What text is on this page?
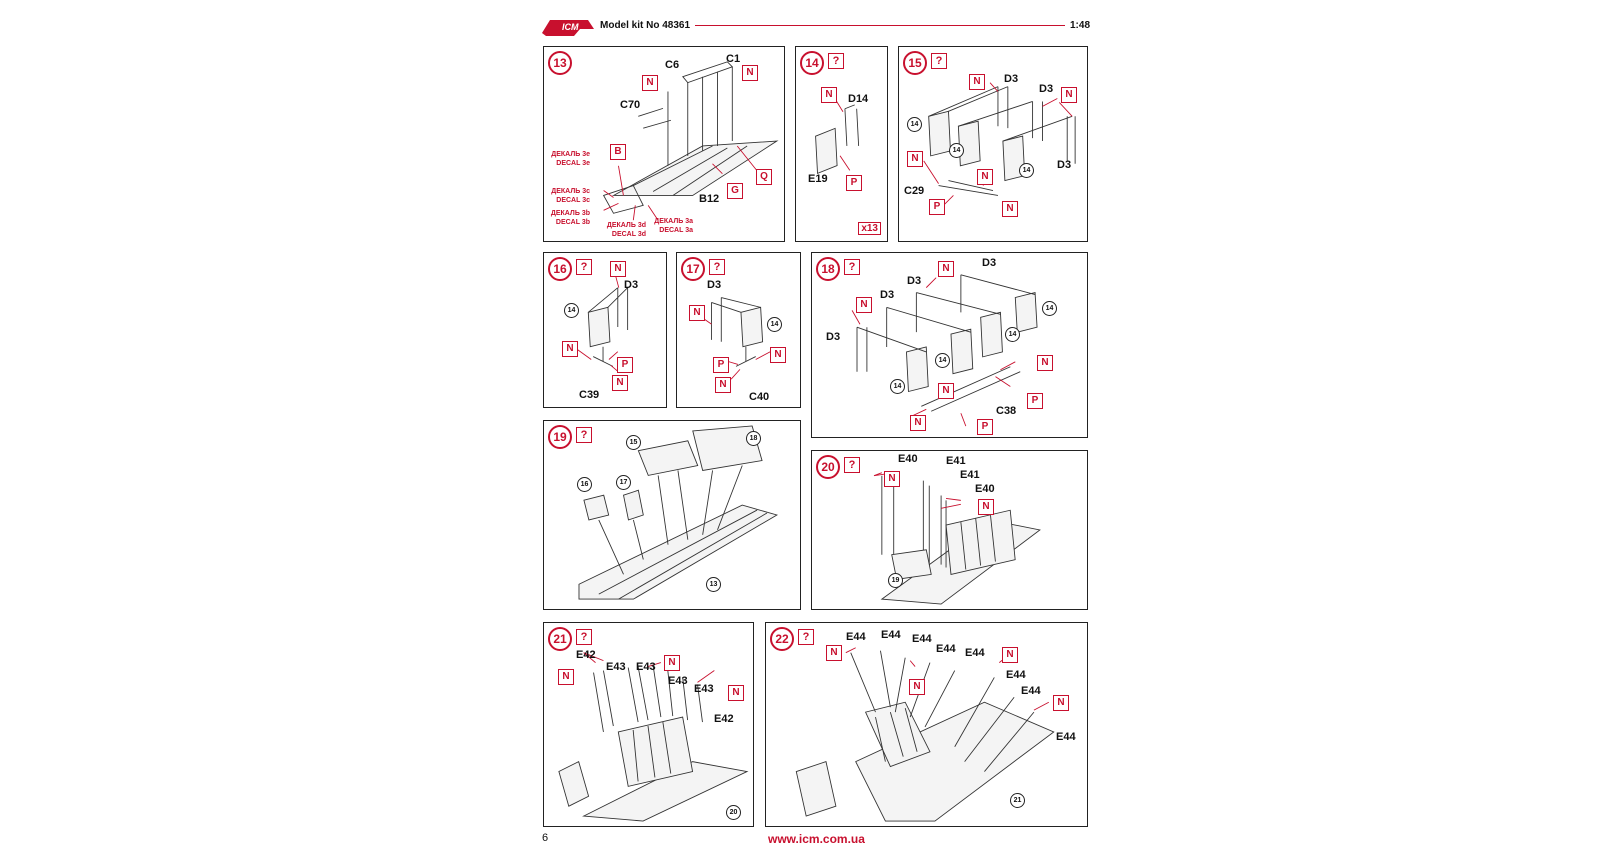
ICM Model kit No 48361	1:48
13	C6	C1
C70
B12
N
N
B
G
Q
ДЕКАЛЬ 3e
DECAL 3e
ДЕКАЛЬ 3c
DECAL 3c
ДЕКАЛЬ 3b
DECAL 3b	ДЕКАЛЬ 3d
DECAL 3d
ДЕКАЛЬ 3a
DECAL 3a
14	?
D14
E19
N
P
x13
15	?
D3
D3
D3
C29
N
N
N
N
N
P
14
14
14
16	?
D3
C39
N
N
N
P
14
17	?
D3
C40
N
N
N
P
14
18	?	D3
D3
D3
D3
C38
N
N
N
N
N
P
P
14
14
14
14
19	?
15
18
16	17
13
20	?	E40	E41
E41
E40
N
N
19
21	?
E42
E43 E43
E43
E43
E42
N
N
N
20
22	?	E44 E44 E44
E44 E44
E44
E44
E44
N
N
N
N
21
6	www.icm.com.ua
